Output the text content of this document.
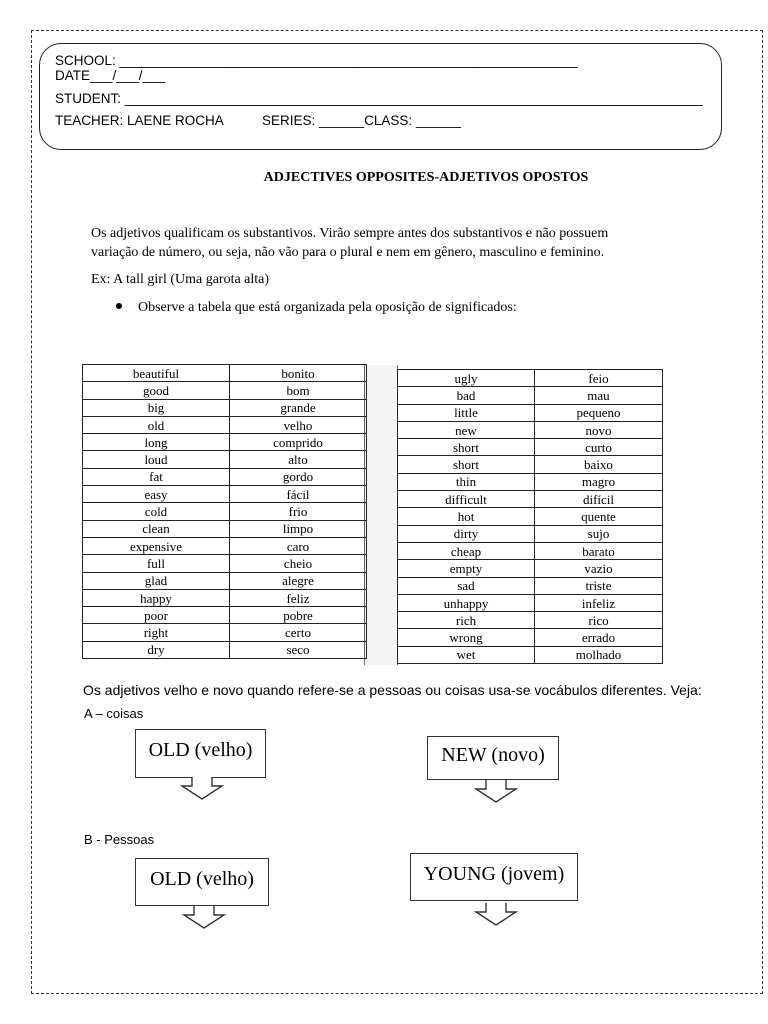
SCHOOL: _____________________________________________________________
DATE___/___/___
STUDENT: _____________________________________________________________________________
TEACHER: LAENE ROCHA	SERIES: ______CLASS: ______
ADJECTIVES OPPOSITES-ADJETIVOS OPOSTOS
Os adjetivos qualificam os substantivos. Virão sempre antes dos substantivos e não possuem
variação de número, ou seja, não vão para o plural e nem em gênero, masculino e feminino.
Ex: A tall girl (Uma garota alta)
Observe a tabela que está organizada pela oposição de significados:
beautiful	bonito
good	bom
big	grande
old	velho
long	comprido
loud	alto
fat	gordo
easy	fácil
cold	frio
clean	limpo
expensive	caro
full	cheio
glad	alegre
happy	feliz
poor	pobre
right	certo
dry	seco
ugly	feio
bad	mau
little	pequeno
new	novo
short	curto
short	baixo
thin	magro
difficult	difícil
hot	quente
dirty	sujo
cheap	barato
empty	vazio
sad	triste
unhappy	infeliz
rich	rico
wrong	errado
wet	molhado
Os adjetivos velho e novo quando refere-se a pessoas ou coisas usa-se vocábulos diferentes. Veja:
A – coisas
B - Pessoas
OLD (velho)	NEW (novo)
OLD (velho)	YOUNG (jovem)
